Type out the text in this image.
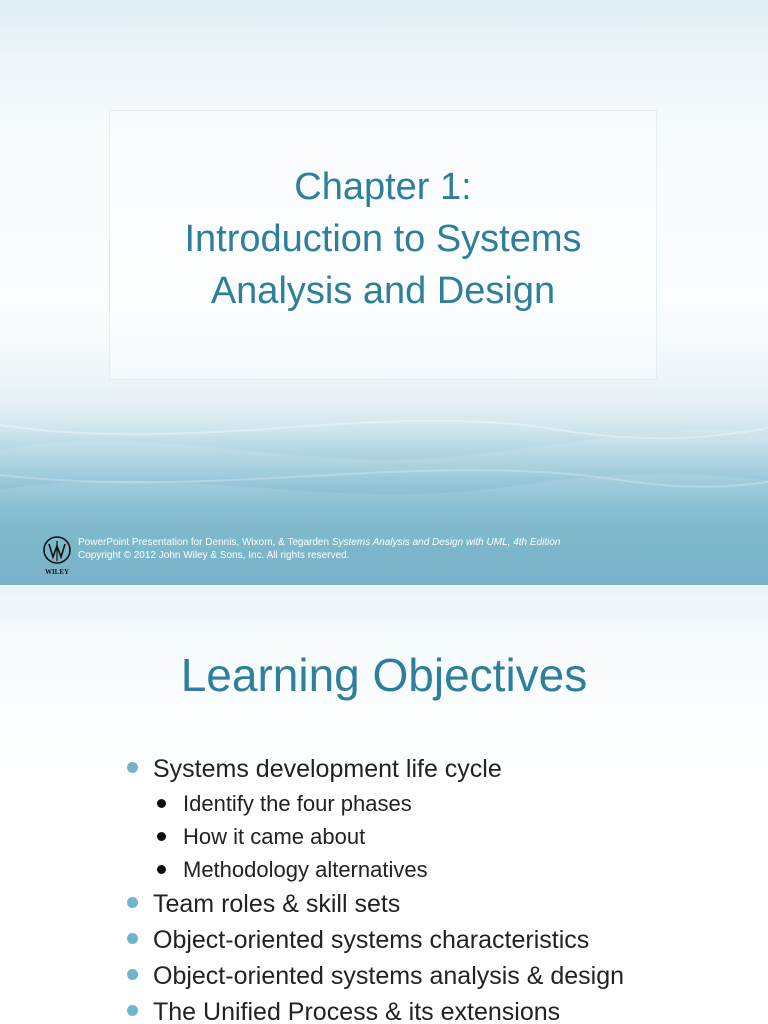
Chapter 1:
Introduction to Systems
Analysis and Design
WILEY
PowerPoint Presentation for Dennis, Wixom, & Tegarden Systems Analysis and Design with UML, 4th Edition
Copyright © 2012 John Wiley & Sons, Inc. All rights reserved.
Learning Objectives
Systems development life cycle
Identify the four phases
How it came about
Methodology alternatives
Team roles & skill sets
Object-oriented systems characteristics
Object-oriented systems analysis & design
The Unified Process & its extensions
